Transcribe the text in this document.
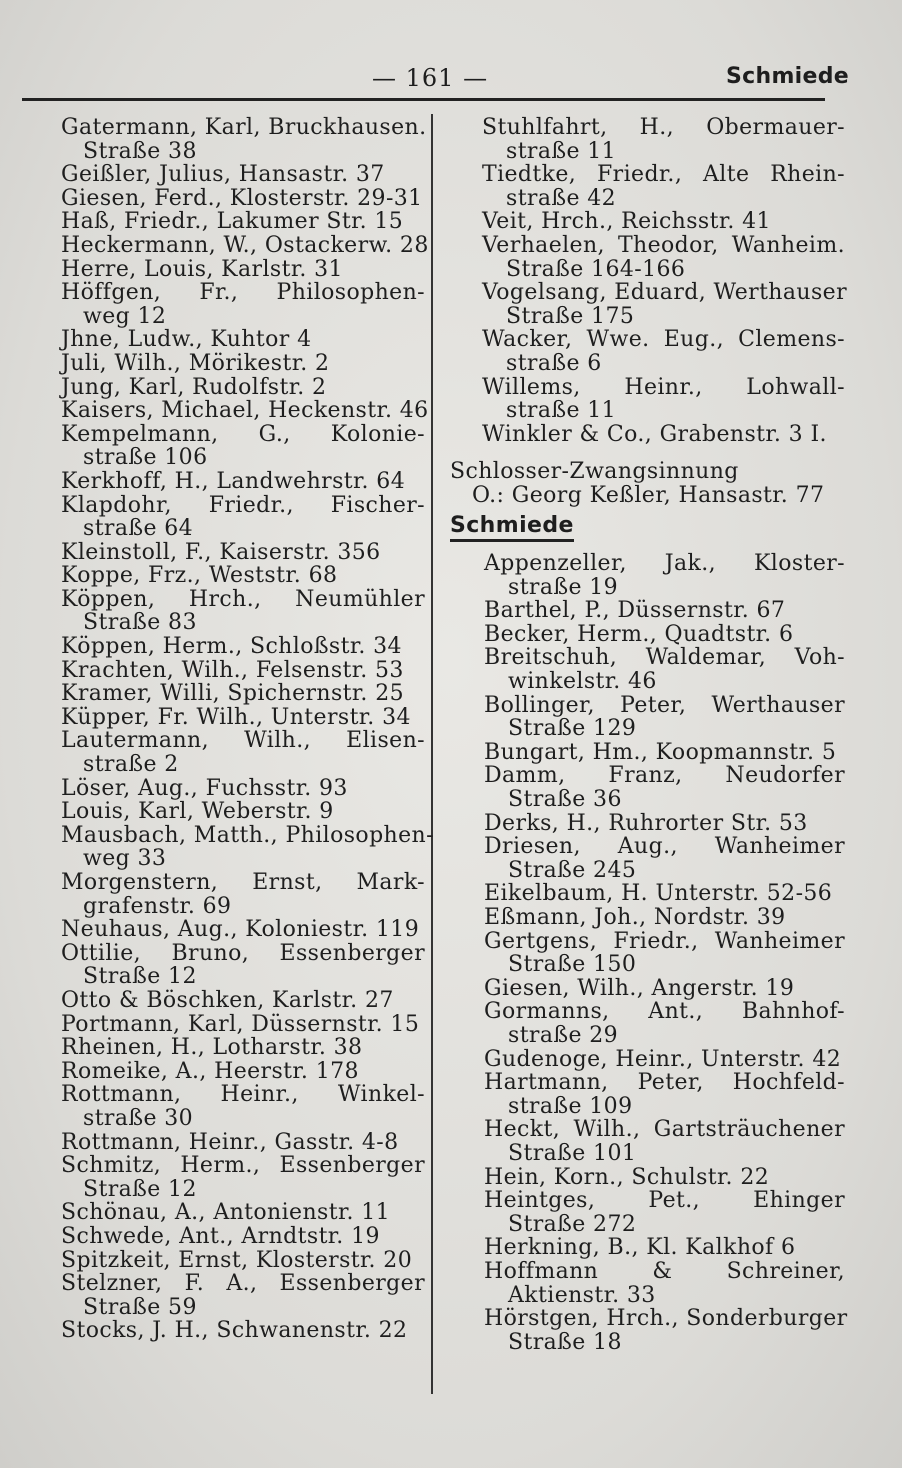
— 161 —	Schmiede
Gatermann, Karl, Bruckhausen.
Straße 38
Geißler, Julius, Hansastr. 37
Giesen, Ferd., Klosterstr. 29-31
Haß, Friedr., Lakumer Str. 15
Heckermann, W., Ostackerw. 28
Herre, Louis, Karlstr. 31
Höffgen, Fr., Philosophen-
weg 12
Jhne, Ludw., Kuhtor 4
Juli, Wilh., Mörikestr. 2
Jung, Karl, Rudolfstr. 2
Kaisers, Michael, Heckenstr. 46
Kempelmann, G., Kolonie-
straße 106
Kerkhoff, H., Landwehrstr. 64
Klapdohr, Friedr., Fischer-
straße 64
Kleinstoll, F., Kaiserstr. 356
Koppe, Frz., Weststr. 68
Köppen, Hrch., Neumühler
Straße 83
Köppen, Herm., Schloßstr. 34
Krachten, Wilh., Felsenstr. 53
Kramer, Willi, Spichernstr. 25
Küpper, Fr. Wilh., Unterstr. 34
Lautermann, Wilh., Elisen-
straße 2
Löser, Aug., Fuchsstr. 93
Louis, Karl, Weberstr. 9
Mausbach, Matth., Philosophen-
weg 33
Morgenstern, Ernst, Mark-
grafenstr. 69
Neuhaus, Aug., Koloniestr. 119
Ottilie, Bruno, Essenberger
Straße 12
Otto & Böschken, Karlstr. 27
Portmann, Karl, Düssernstr. 15
Rheinen, H., Lotharstr. 38
Romeike, A., Heerstr. 178
Rottmann, Heinr., Winkel-
straße 30
Rottmann, Heinr., Gasstr. 4-8
Schmitz, Herm., Essenberger
Straße 12
Schönau, A., Antonienstr. 11
Schwede, Ant., Arndtstr. 19
Spitzkeit, Ernst, Klosterstr. 20
Stelzner, F. A., Essenberger
Straße 59
Stocks, J. H., Schwanenstr. 22
Stuhlfahrt, H., Obermauer-
straße 11
Tiedtke, Friedr., Alte Rhein-
straße 42
Veit, Hrch., Reichsstr. 41
Verhaelen, Theodor, Wanheim.
Straße 164-166
Vogelsang, Eduard, Werthauser
Straße 175
Wacker, Wwe. Eug., Clemens-
straße 6
Willems, Heinr., Lohwall-
straße 11
Winkler & Co., Grabenstr. 3 I.
Schlosser-Zwangsinnung
O.: Georg Keßler, Hansastr. 77
Schmiede
Appenzeller, Jak., Kloster-
straße 19
Barthel, P., Düssernstr. 67
Becker, Herm., Quadtstr. 6
Breitschuh, Waldemar, Voh-
winkelstr. 46
Bollinger, Peter, Werthauser
Straße 129
Bungart, Hm., Koopmannstr. 5
Damm, Franz, Neudorfer
Straße 36
Derks, H., Ruhrorter Str. 53
Driesen, Aug., Wanheimer
Straße 245
Eikelbaum, H. Unterstr. 52-56
Eßmann, Joh., Nordstr. 39
Gertgens, Friedr., Wanheimer
Straße 150
Giesen, Wilh., Angerstr. 19
Gormanns, Ant., Bahnhof-
straße 29
Gudenoge, Heinr., Unterstr. 42
Hartmann, Peter, Hochfeld-
straße 109
Heckt, Wilh., Gartsträuchener
Straße 101
Hein, Korn., Schulstr. 22
Heintges, Pet., Ehinger
Straße 272
Herkning, B., Kl. Kalkhof 6
Hoffmann & Schreiner,
Aktienstr. 33
Hörstgen, Hrch., Sonderburger
Straße 18
